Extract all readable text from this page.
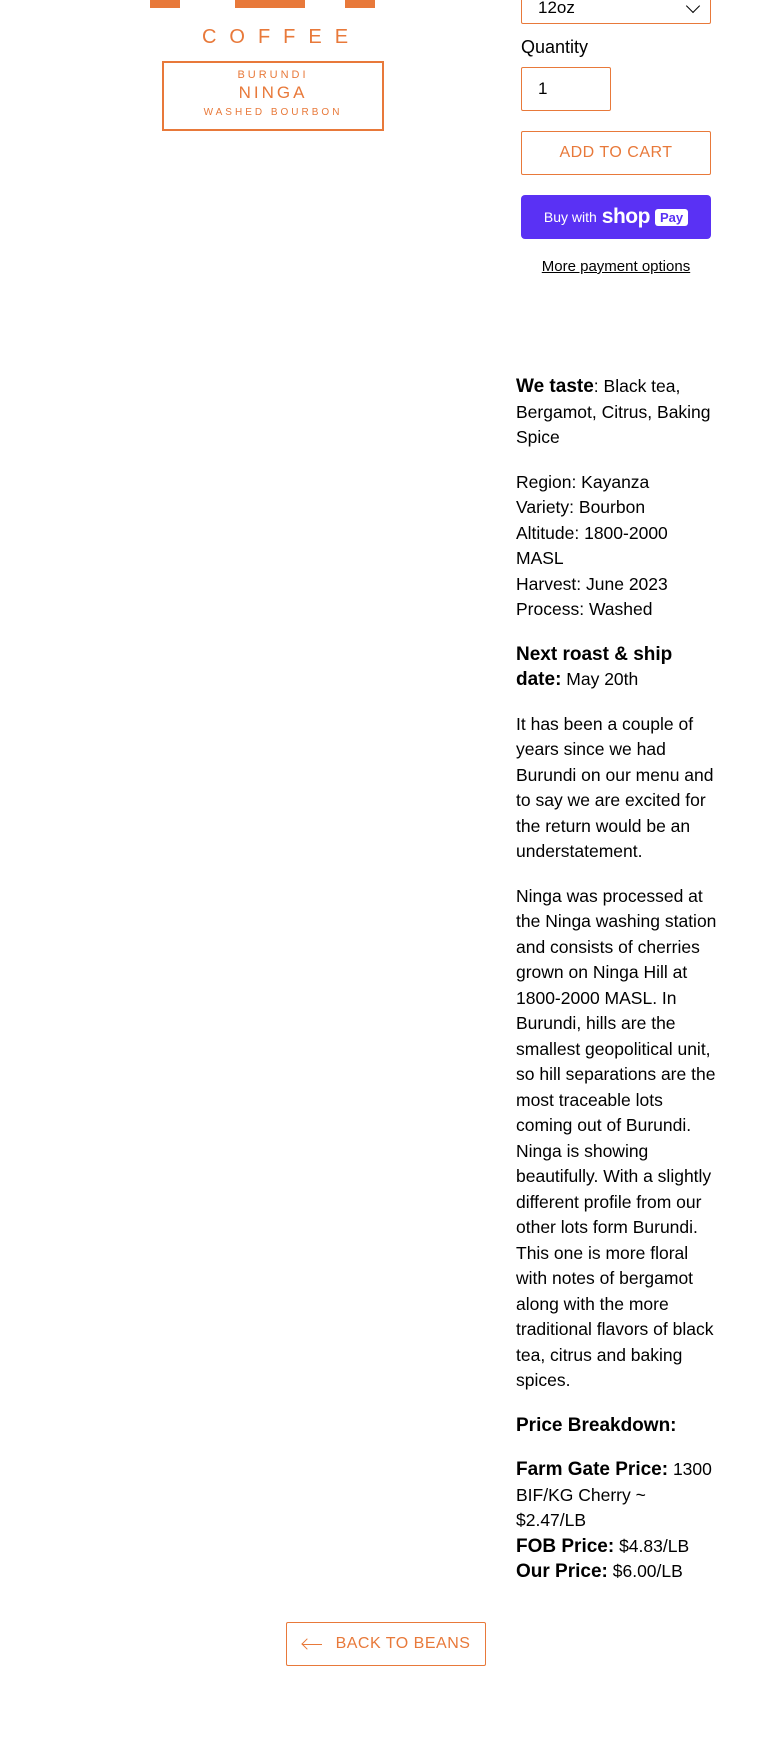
COFFEE
BURUNDI
NINGA
WASHED BOURBON
12oz
Quantity
1
ADD TO CART
Buy with shop Pay
More payment options

We taste: Black tea, Bergamot, Citrus, Baking Spice

Region: Kayanza
Variety: Bourbon
Altitude: 1800-2000 MASL
Harvest: June 2023
Process: Washed

Next roast & ship date: May 20th

It has been a couple of years since we had Burundi on our menu and to say we are excited for the return would be an understatement.

Ninga was processed at the Ninga washing station and consists of cherries grown on Ninga Hill at 1800-2000 MASL. In Burundi, hills are the smallest geopolitical unit, so hill separations are the most traceable lots coming out of Burundi. Ninga is showing beautifully. With a slightly different profile from our other lots form Burundi. This one is more floral with notes of bergamot along with the more traditional flavors of black tea, citrus and baking spices.

Price Breakdown:

Farm Gate Price: 1300 BIF/KG Cherry ~ $2.47/LB
FOB Price: $4.83/LB
Our Price: $6.00/LB

BACK TO BEANS
